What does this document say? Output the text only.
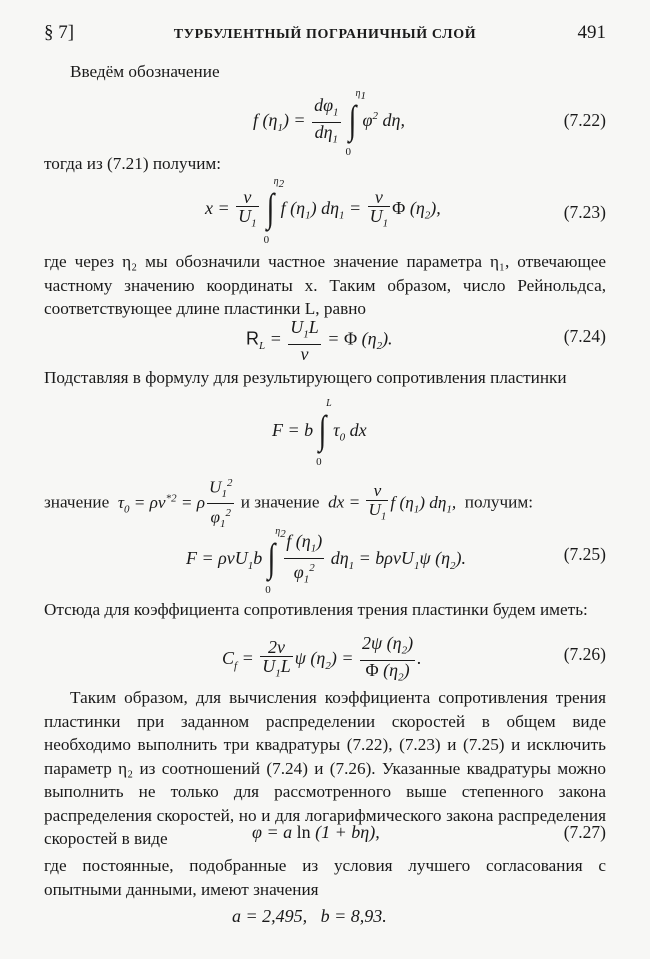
§ 7]	ТУРБУЛЕНТНЫЙ ПОГРАНИЧНЫЙ СЛОЙ	491
Введём обозначение
f $(\eta_1) = \frac{d\varphi_1}{d\eta_1}$ ∫
$\eta_1$
0
$\varphi^2$ dη,	(7.22)
тогда из (7.21) получим:
$x = \frac{\nu}{U_1}$ ∫
$\eta_2$
0
f $(\eta_1) d\eta_1 = \frac{\nu}{U_1}$ Φ $(\eta_2)$,	(7.23)
где через η₂ мы обозначили частное значение параметра η₁, отвечающее частному значению координаты x. Таким образом, число Рейнольдса, соответствующее длине пластинки L, равно
$R_L = \frac{U_1L}{\nu} = \Phi$ $(\eta_2)$.	(7.24)
Подставляя в формулу для результирующего сопротивления пластинки
F = b ∫
L
0
$\tau_0$ dx
значение  $\tau_0 = \rho v^{*2} = \rho \frac{U_1^2}{\varphi_1^2}$ и значение  dx = $\frac{\nu}{U_1}$ f $(\eta_1)$ $d\eta_1$,  получим:
F = ρνU$_1$b ∫
$\eta_2$
0
$\frac{f (\eta_1)}{\varphi_1^2} d\eta_1 = b\rho\nu U_1\psi$ $(\eta_2)$.	(7.25)
Отсюда для коэффициента сопротивления трения пластинки будем иметь:
$C_f = \frac{2\nu}{U_1L}$ ψ $(\eta_2) = \frac{2\psi (\eta_2)}{\Phi (\eta_2)}$ .	(7.26)
Таким образом, для вычисления коэффициента сопротивления трения пластинки при заданном распределении скоростей в общем виде необходимо выполнить три квадратуры (7.22), (7.23) и (7.25) и исключить параметр η₂ из соотношений (7.24) и (7.26). Указанные квадратуры можно выполнить не только для рассмотренного выше степенного закона распределения скоростей, но и для логарифмического закона распределения скоростей в виде	φ = a ln (1 + bη),	(7.27)
где постоянные, подобранные из условия лучшего согласования с опытными данными, имеют значения
a = 2,495,   b = 8,93.
